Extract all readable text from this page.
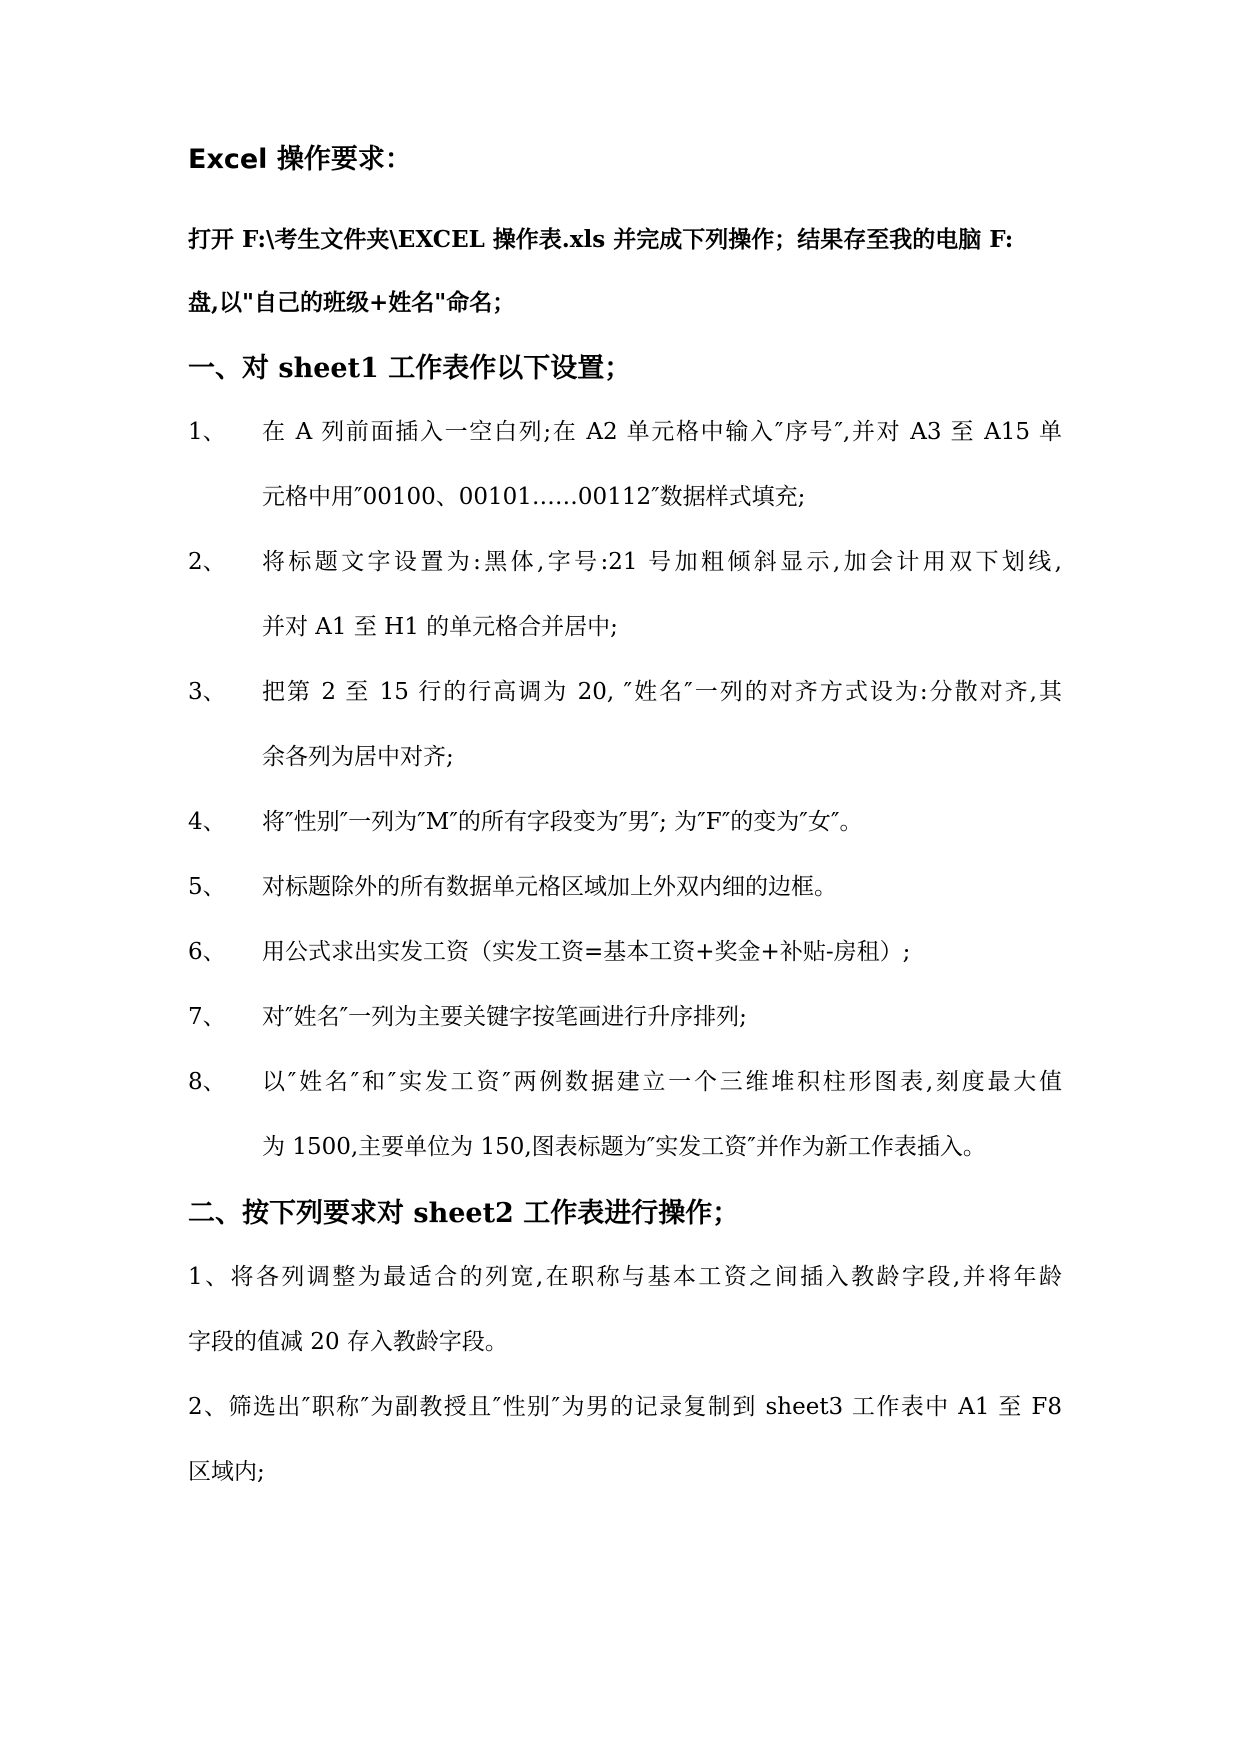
Excel 操作要求：
打开 F:\考生文件夹\EXCEL 操作表.xls 并完成下列操作；结果存至我的电脑 F:
盘,以"自己的班级+姓名"命名；
一、对 sheet1 工作表作以下设置；
1、 在 A 列前面插入一空白列;在 A2 单元格中输入″序号″,并对 A3 至 A15 单
元格中用″00100、00101……00112″数据样式填充;
2、 将标题文字设置为:黑体,字号:21 号加粗倾斜显示,加会计用双下划线,
并对 A1 至 H1 的单元格合并居中;
3、 把第 2 至 15 行的行高调为 20, ″姓名″一列的对齐方式设为:分散对齐,其
余各列为居中对齐;
4、 将″性别″一列为″M″的所有字段变为″男″; 为″F″的变为″女″。
5、 对标题除外的所有数据单元格区域加上外双内细的边框。
6、 用公式求出实发工资（实发工资=基本工资+奖金+补贴-房租）;
7、 对″姓名″一列为主要关键字按笔画进行升序排列;
8、 以″姓名″和″实发工资″两例数据建立一个三维堆积柱形图表,刻度最大值
为 1500,主要单位为 150,图表标题为″实发工资″并作为新工作表插入。
二、按下列要求对 sheet2 工作表进行操作；
1、将各列调整为最适合的列宽,在职称与基本工资之间插入教龄字段,并将年龄
字段的值减 20 存入教龄字段。
2、筛选出″职称″为副教授且″性别″为男的记录复制到 sheet3 工作表中 A1 至 F8
区域内;
